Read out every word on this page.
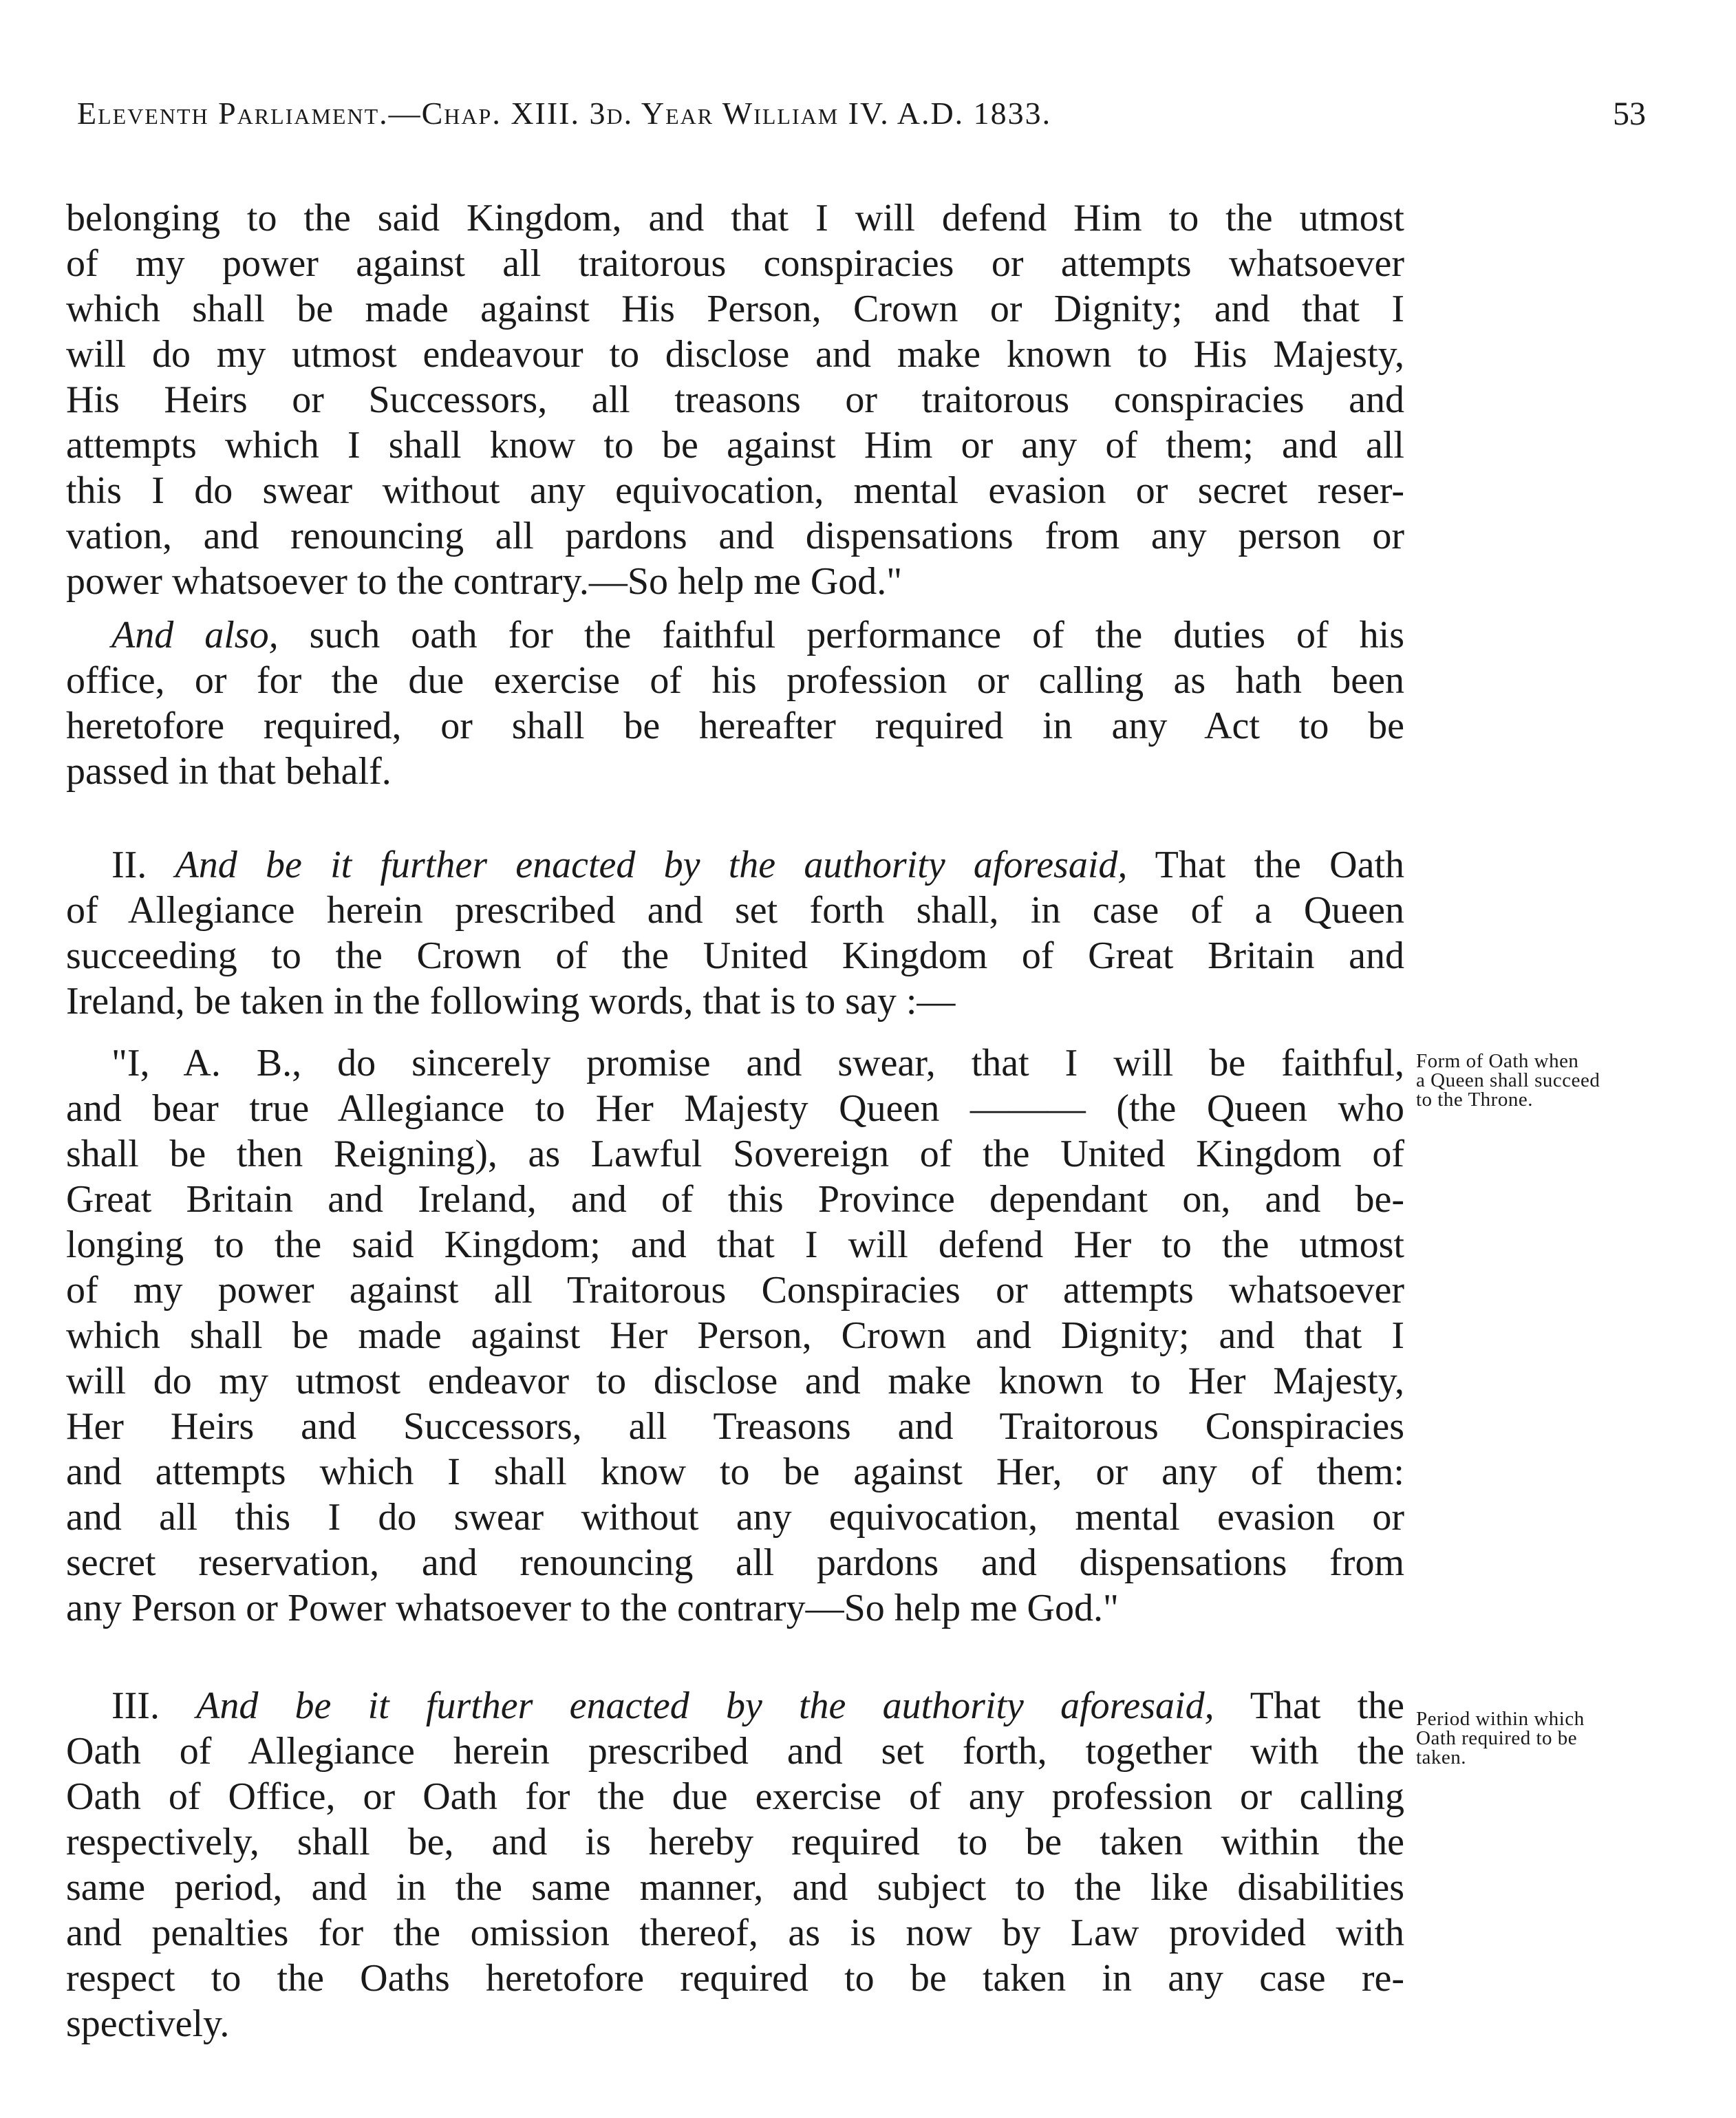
Eleventh Parliament.—Chap. XIII. 3d. Year William IV. A.D. 1833.	53
belonging to the said Kingdom, and that I will defend Him to the utmost
of my power against all traitorous conspiracies or attempts whatsoever
which shall be made against His Person, Crown or Dignity; and that I
will do my utmost endeavour to disclose and make known to His Majesty,
His Heirs or Successors, all treasons or traitorous conspiracies and
attempts which I shall know to be against Him or any of them; and all
this I do swear without any equivocation, mental evasion or secret reser-
vation, and renouncing all pardons and dispensations from any person or
power whatsoever to the contrary.—So help me God."
And also, such oath for the faithful performance of the duties of his
office, or for the due exercise of his profession or calling as hath been
heretofore required, or shall be hereafter required in any Act to be
passed in that behalf.
II. And be it further enacted by the authority aforesaid, That the Oath
of Allegiance herein prescribed and set forth shall, in case of a Queen
succeeding to the Crown of the United Kingdom of Great Britain and
Ireland, be taken in the following words, that is to say :—
"I, A. B., do sincerely promise and swear, that I will be faithful,
and bear true Allegiance to Her Majesty Queen ——— (the Queen who
shall be then Reigning), as Lawful Sovereign of the United Kingdom of
Great Britain and Ireland, and of this Province dependant on, and be-
longing to the said Kingdom; and that I will defend Her to the utmost
of my power against all Traitorous Conspiracies or attempts whatsoever
which shall be made against Her Person, Crown and Dignity; and that I
will do my utmost endeavor to disclose and make known to Her Majesty,
Her Heirs and Successors, all Treasons and Traitorous Conspiracies
and attempts which I shall know to be against Her, or any of them:
and all this I do swear without any equivocation, mental evasion or
secret reservation, and renouncing all pardons and dispensations from
any Person or Power whatsoever to the contrary—So help me God."
III. And be it further enacted by the authority aforesaid, That the
Oath of Allegiance herein prescribed and set forth, together with the
Oath of Office, or Oath for the due exercise of any profession or calling
respectively, shall be, and is hereby required to be taken within the
same period, and in the same manner, and subject to the like disabilities
and penalties for the omission thereof, as is now by Law provided with
respect to the Oaths heretofore required to be taken in any case re-
spectively.
Form of Oath when
a Queen shall succeed
to the Throne.
Period within which
Oath required to be
taken.
